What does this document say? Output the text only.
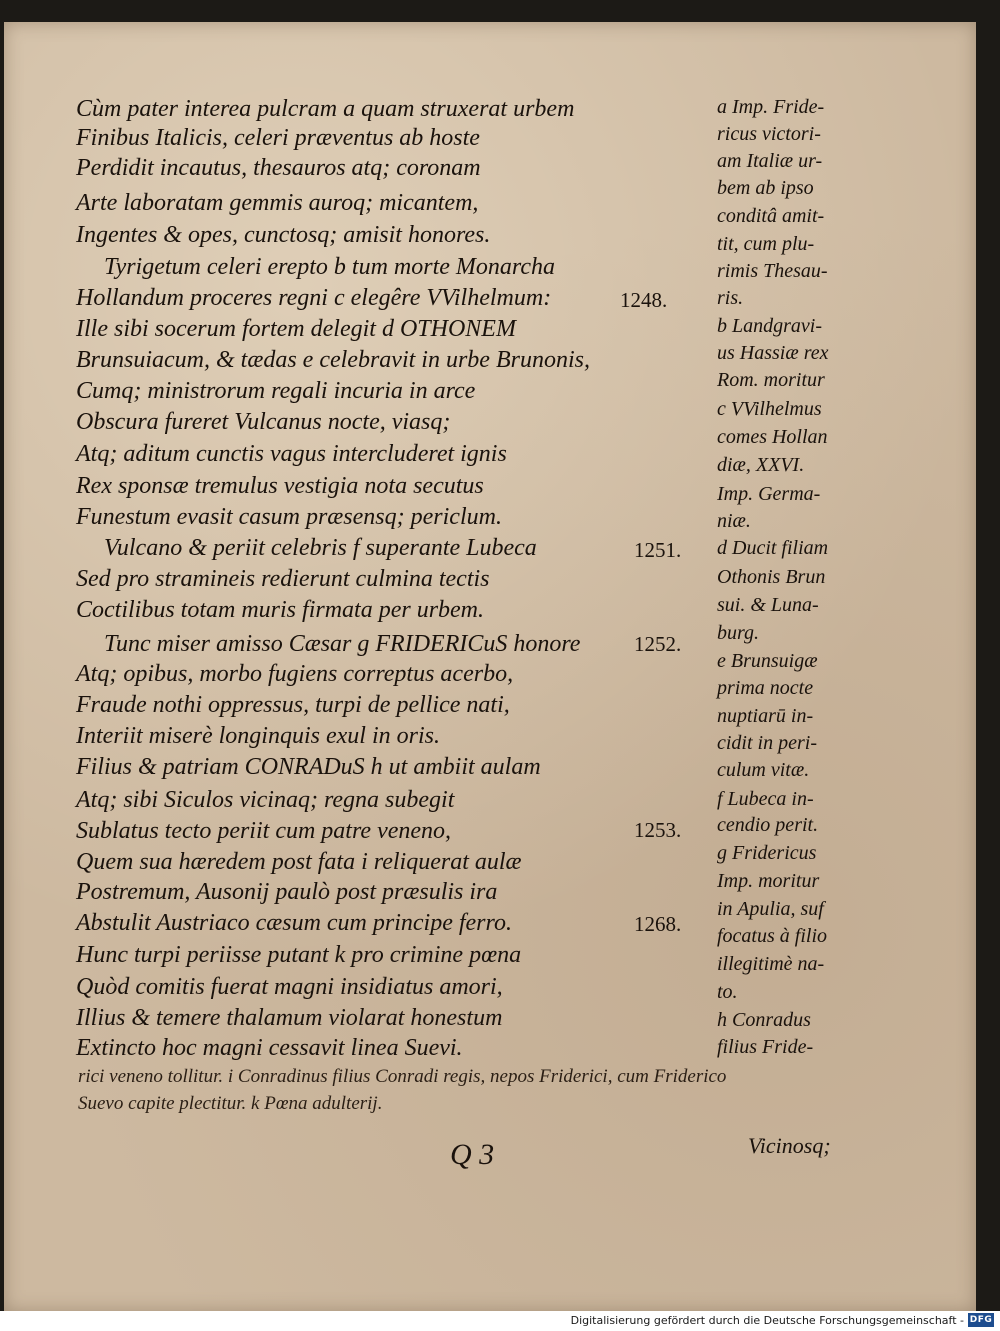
Cùm pater interea pulcram a quam struxerat urbem
Finibus Italicis, celeri præventus ab hoste
Perdidit incautus, thesauros atq; coronam
Arte laboratam gemmis auroq; micantem,
Ingentes & opes, cunctosq; amisit honores.
Tyrigetum celeri erepto b tum morte Monarcha
Hollandum proceres regni c elegêre VVilhelmum:
Ille sibi socerum fortem delegit d OTHONEM
Brunsuiacum, & tædas e celebravit in urbe Brunonis,
Cumq; ministrorum regali incuria in arce
Obscura fureret Vulcanus nocte, viasq;
Atq; aditum cunctis vagus intercluderet ignis
Rex sponsæ tremulus vestigia nota secutus
Funestum evasit casum præsensq; periclum.
Vulcano & periit celebris f superante Lubeca
Sed pro stramineis redierunt culmina tectis
Coctilibus totam muris firmata per urbem.
Tunc miser amisso Cæsar g FRIDERICuS honore
Atq; opibus, morbo fugiens correptus acerbo,
Fraude nothi oppressus, turpi de pellice nati,
Interiit miserè longinquis exul in oris.
Filius & patriam CONRADuS h ut ambiit aulam
Atq; sibi Siculos vicinaq; regna subegit
Sublatus tecto periit cum patre veneno,
Quem sua hæredem post fata i reliquerat aulæ
Postremum, Ausonij paulò post præsulis ira
Abstulit Austriaco cæsum cum principe ferro.
Hunc turpi periisse putant k pro crimine pœna
Quòd comitis fuerat magni insidiatus amori,
Illius & temere thalamum violarat honestum
Extincto hoc magni cessavit linea Suevi.
1248.
1251.
1252.
1253.
1268.
a Imp. Fride-
ricus victori-
am Italiæ ur-
bem ab ipso
conditâ amit-
tit, cum plu-
rimis Thesau-
ris.
b Landgravi-
us Hassiæ rex
Rom. moritur
c VVilhelmus
comes Hollan
diæ, XXVI.
Imp. Germa-
niæ.
d Ducit filiam
Othonis Brun
sui. & Luna-
burg.
e Brunsuigæ
prima nocte
nuptiarū in-
cidit in peri-
culum vitæ.
f Lubeca in-
cendio perit.
g Fridericus
Imp. moritur
in Apulia, suf
focatus à filio
illegitimè na-
to.
h Conradus
filius Fride-
rici veneno tollitur. i Conradinus filius Conradi regis, nepos Friderici, cum Friderico
Suevo capite plectitur. k Pœna adulterij.
Q 3	Vicinosq;
Digitalisierung gefördert durch die Deutsche Forschungsgemeinschaft - DFG
